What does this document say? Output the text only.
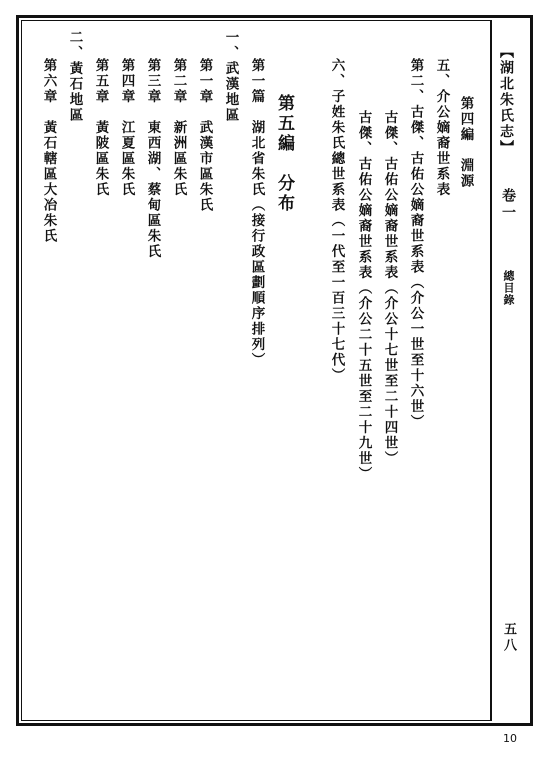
【湖北朱氏志】
卷一
總目錄
五八
第四編　淵源
五、介公嫡裔世系表
第二、古傑、古佑公嫡裔世系表（介公一世至十六世）
古傑、古佑公嫡裔世系表（介公十七世至二十四世）
古傑、古佑公嫡裔世系表（介公二十五世至二十九世）
六、子姓朱氏總世系表（一代至一百三十七代）
第五編　分布
第一篇　湖北省朱氏（接行政區劃順序排列）
一、武漢地區
第一章　武漢市區朱氏
第二章　新洲區朱氏
第三章　東西湖、蔡甸區朱氏
第四章　江夏區朱氏
第五章　黃陂區朱氏
二、黃石地區
第六章　黃石轄區大冶朱氏
10
